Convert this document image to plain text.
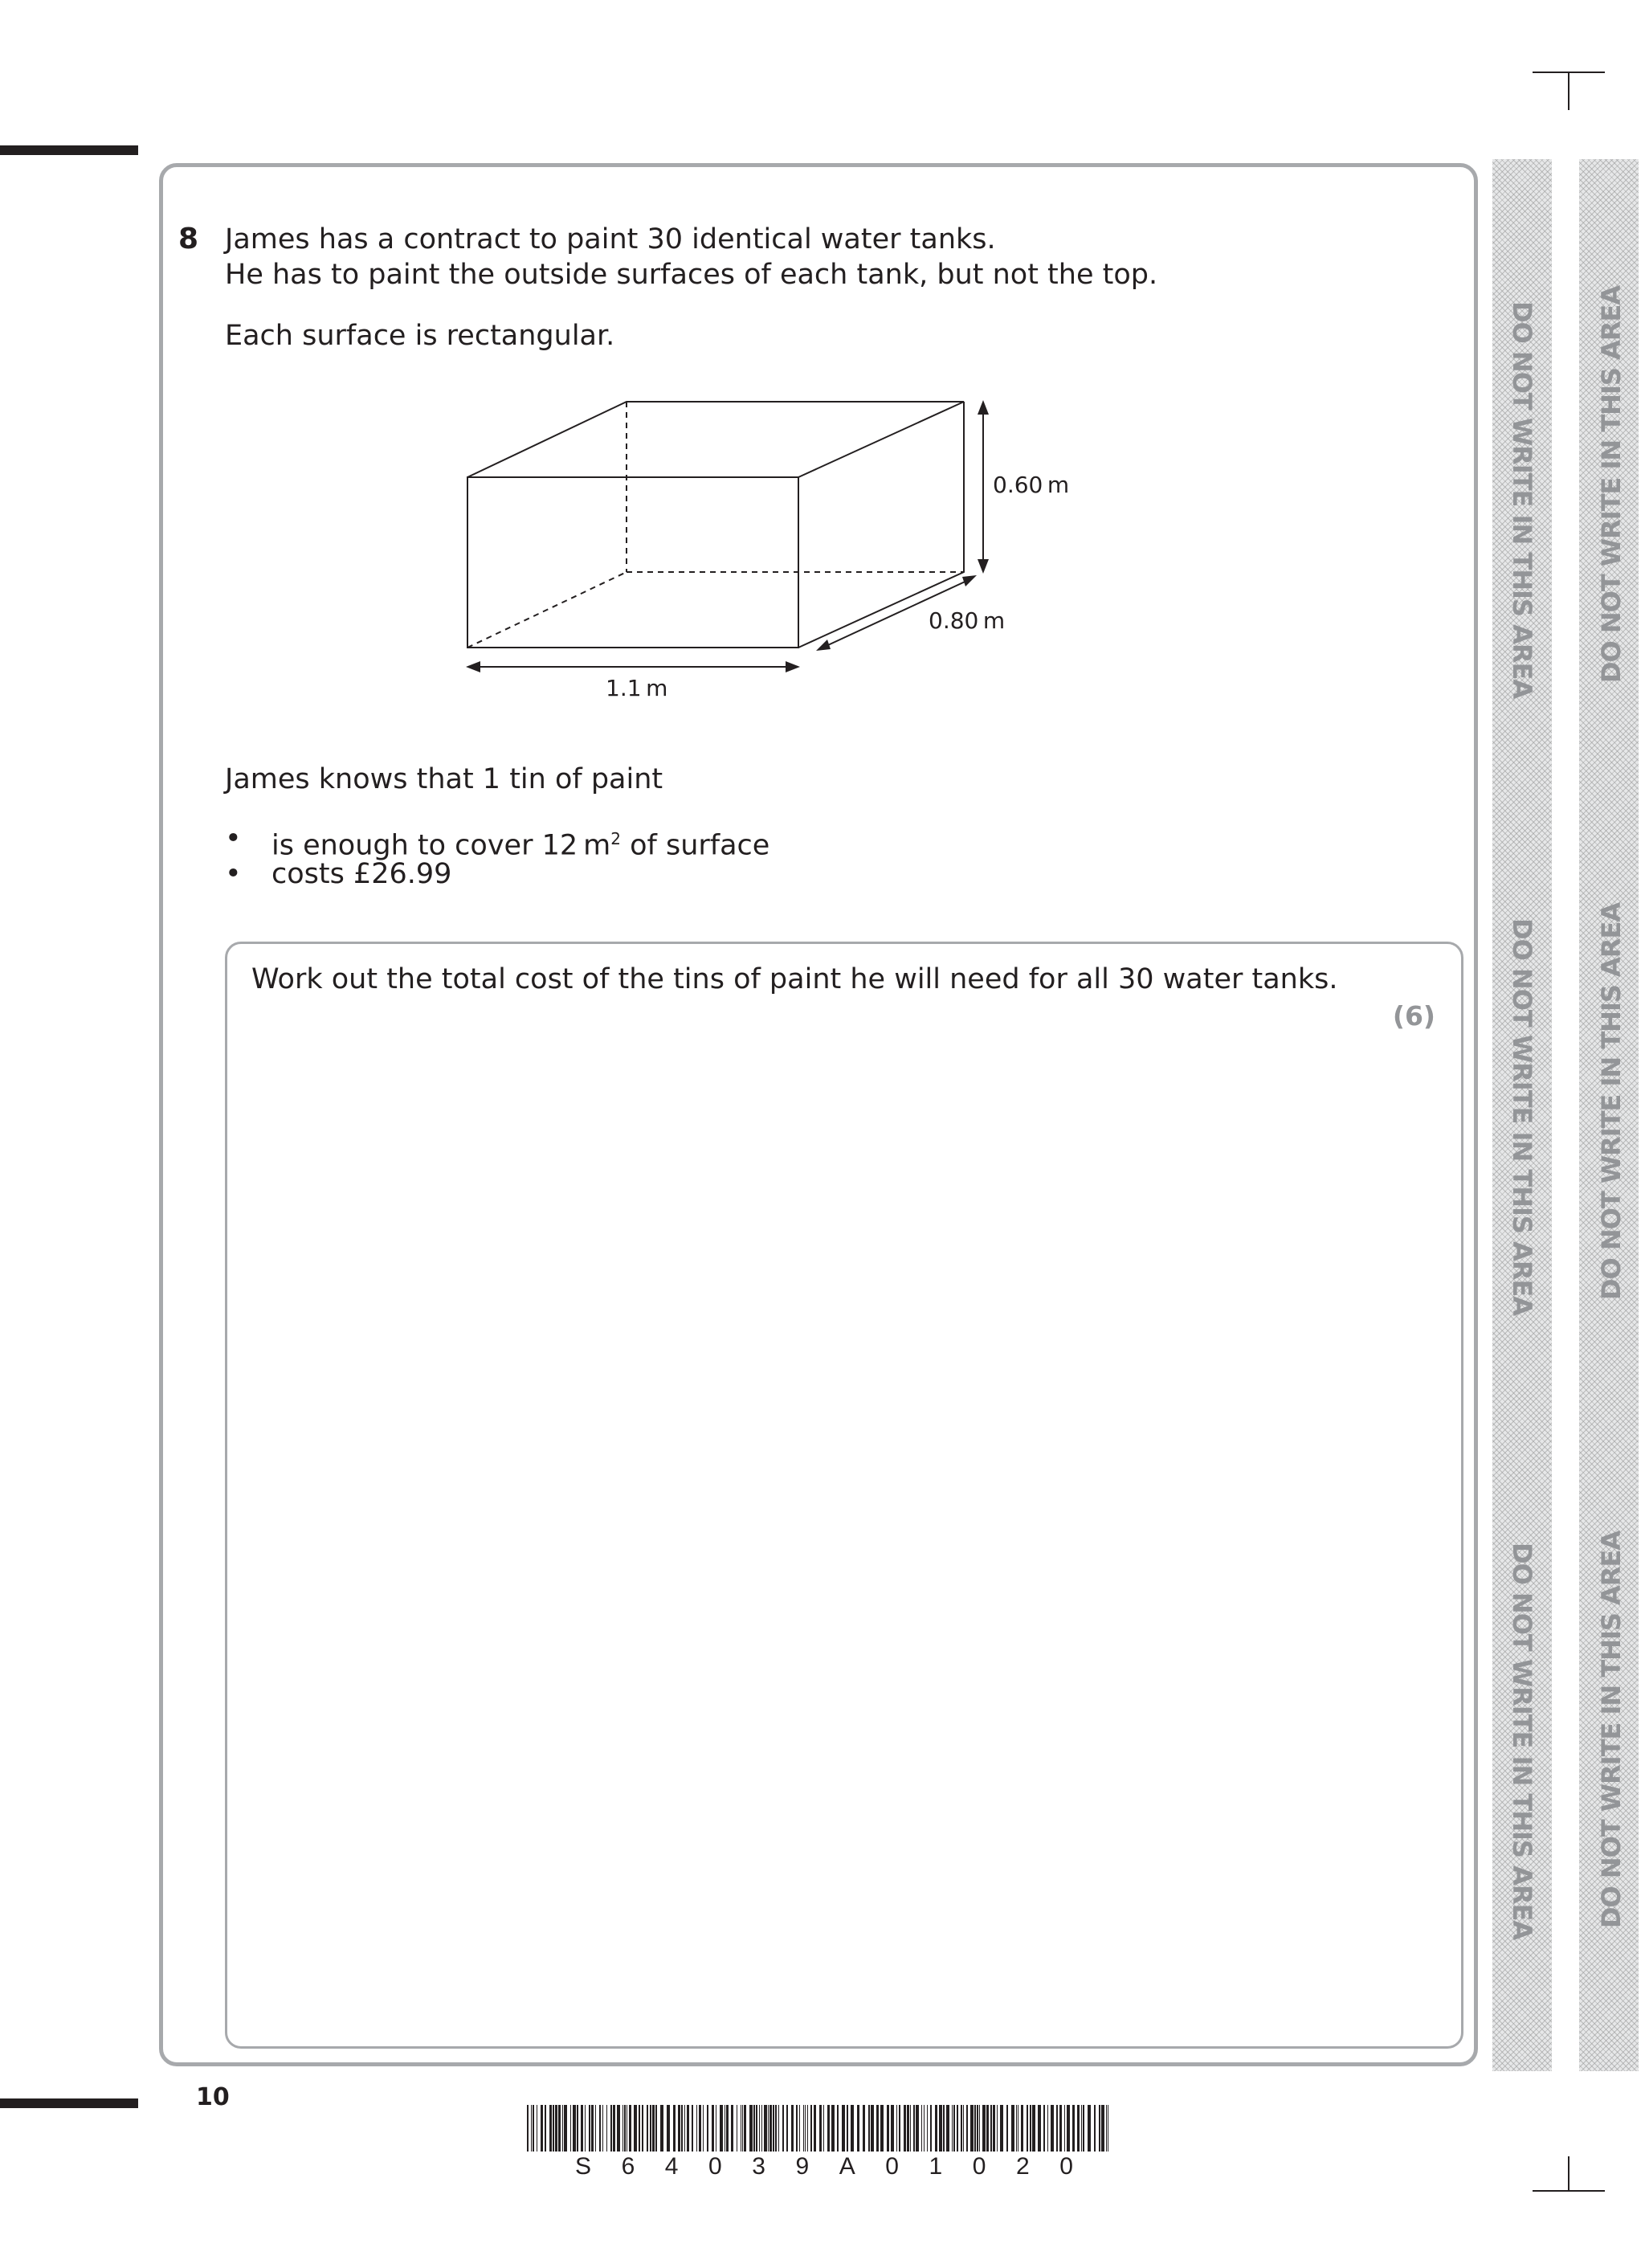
DO NOT WRITE IN THIS AREA
DO NOT WRITE IN THIS AREA
DO NOT WRITE IN THIS AREA
DO NOT WRITE IN THIS AREA
DO NOT WRITE IN THIS AREA
DO NOT WRITE IN THIS AREA
8 James has a contract to paint 30 identical water tanks.
He has to paint the outside surfaces of each tank, but not the top.
Each surface is rectangular.
0.60 m
0.80 m
1.1 m
James knows that 1 tin of paint
• is enough to cover 12 $m^2$ of surface
• costs £26.99
Work out the total cost of the tins of paint he will need for all 30 water tanks.
(6)
10
S 6 4 0 3 9 A 0 1 0 2 0
